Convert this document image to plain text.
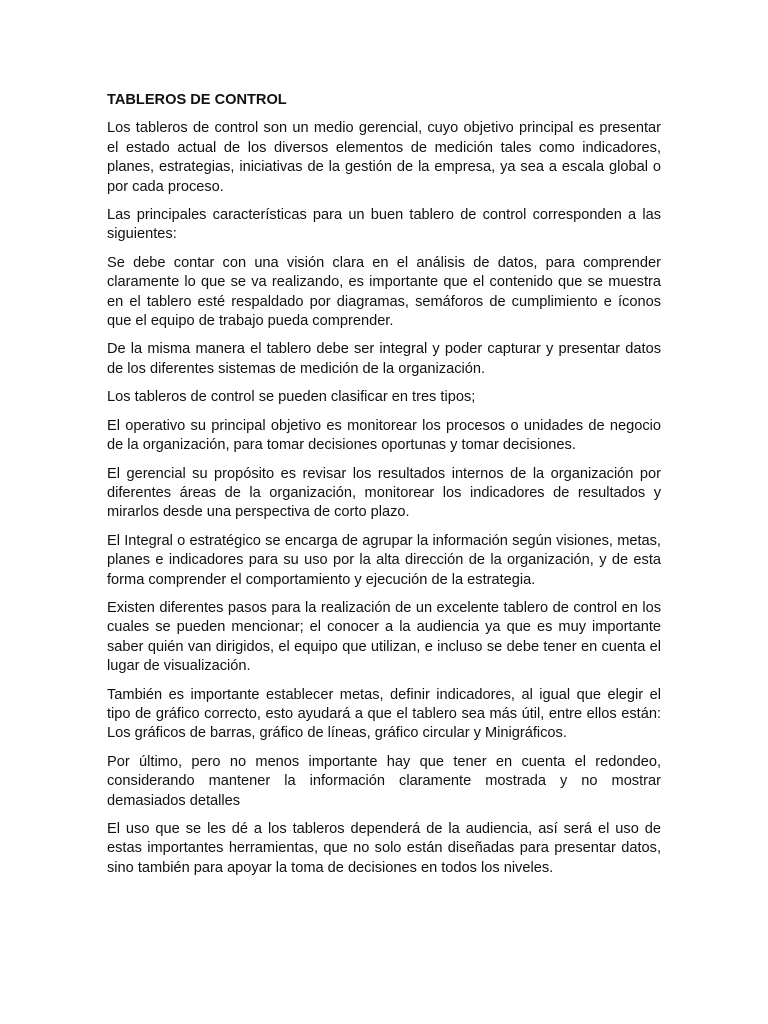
TABLEROS DE CONTROL

Los tableros de control son un medio gerencial, cuyo objetivo principal es presentar el estado actual de los diversos elementos de medición tales como indicadores, planes, estrategias, iniciativas de la gestión de la empresa, ya sea a escala global o por cada proceso.

Las principales características para un buen tablero de control corresponden a las siguientes:

Se debe contar con una visión clara en el análisis de datos, para comprender claramente lo que se va realizando, es importante que el contenido que se muestra en el tablero esté respaldado por diagramas, semáforos de cumplimiento e íconos que el equipo de trabajo pueda comprender.

De la misma manera el tablero debe ser integral y poder capturar y presentar datos de los diferentes sistemas de medición de la organización.

Los tableros de control se pueden clasificar en tres tipos;

El operativo su principal objetivo es monitorear los procesos o unidades de negocio de la organización, para tomar decisiones oportunas y tomar decisiones.

El gerencial su propósito es revisar los resultados internos de la organización por diferentes áreas de la organización, monitorear los indicadores de resultados y mirarlos desde una perspectiva de corto plazo.

El Integral o estratégico se encarga de agrupar la información según visiones, metas, planes e indicadores para su uso por la alta dirección de la organización, y de esta forma comprender el comportamiento y ejecución de la estrategia.

Existen diferentes pasos para la realización de un excelente tablero de control en los cuales se pueden mencionar; el conocer a la audiencia ya que es muy importante saber quién van dirigidos, el equipo que utilizan, e incluso se debe tener en cuenta el lugar de visualización.

También es importante establecer metas, definir indicadores, al igual que elegir el tipo de gráfico correcto, esto ayudará a que el tablero sea más útil, entre ellos están: Los gráficos de barras, gráfico de líneas, gráfico circular y Minigráficos.

Por último, pero no menos importante hay que tener en cuenta el redondeo, considerando mantener la información claramente mostrada y no mostrar demasiados detalles

El uso que se les dé a los tableros dependerá de la audiencia, así será el uso de estas importantes herramientas, que no solo están diseñadas para presentar datos, sino también para apoyar la toma de decisiones en todos los niveles.
